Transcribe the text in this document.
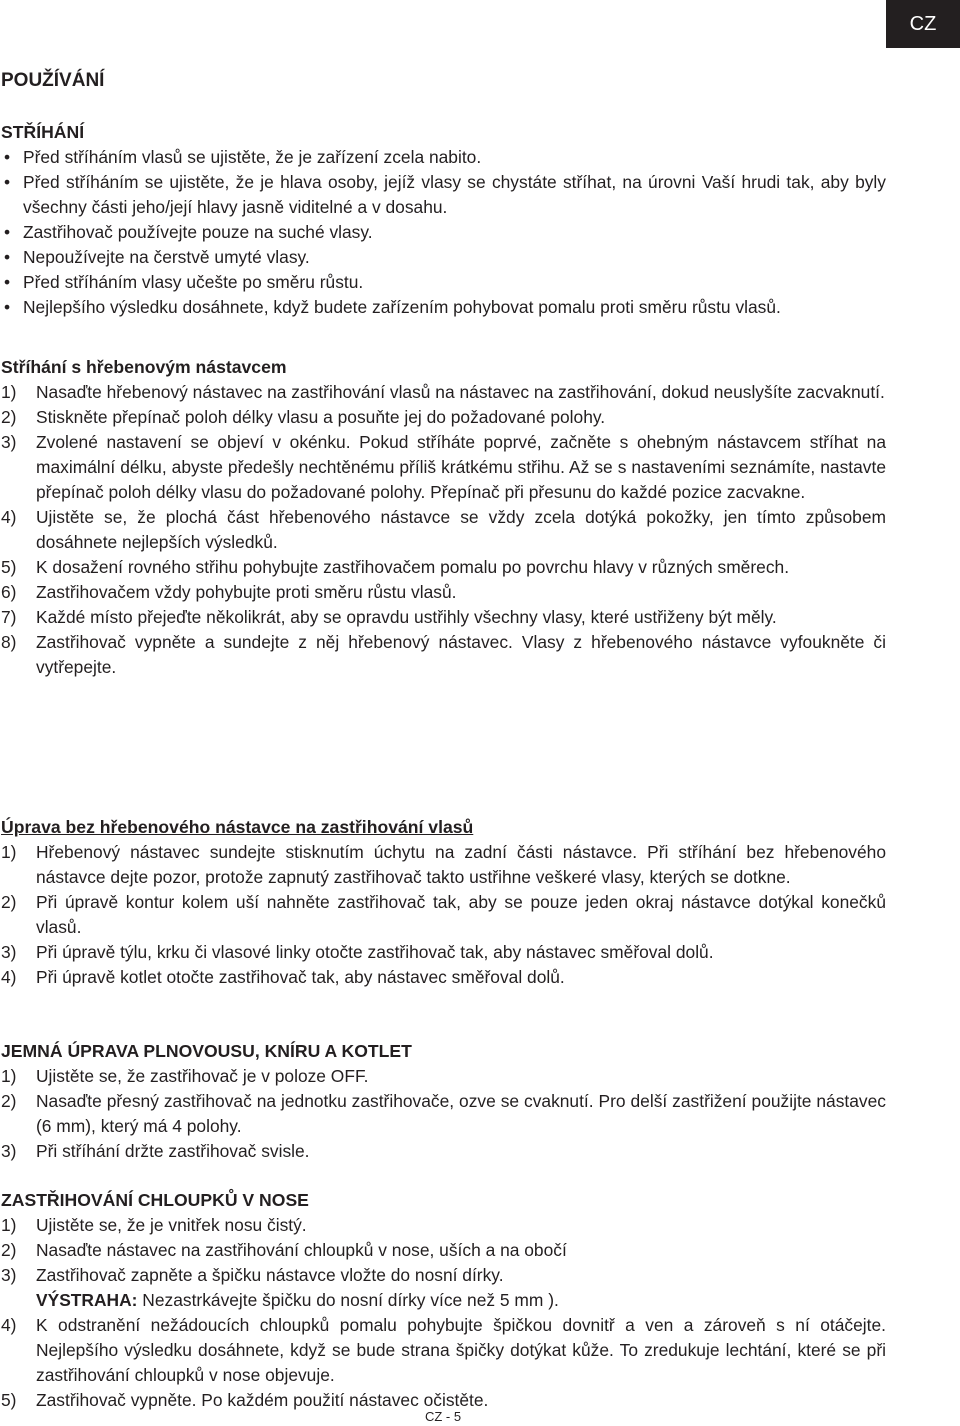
CZ
POUŽÍVÁNÍ
STŘÍHÁNÍ
• Před stříháním vlasů se ujistěte, že je zařízení zcela nabito.
• Před stříháním se ujistěte, že je hlava osoby, jejíž vlasy se chystáte stříhat, na úrovni Vaší hrudi tak, aby byly všechny části jeho/její hlavy jasně viditelné a v dosahu.
• Zastřihovač používejte pouze na suché vlasy.
• Nepoužívejte na čerstvě umyté vlasy.
• Před stříháním vlasy učešte po směru růstu.
• Nejlepšího výsledku dosáhnete, když budete zařízením pohybovat pomalu proti směru růstu vlasů.
Stříhání s hřebenovým nástavcem
1) Nasaďte hřebenový nástavec na zastřihování vlasů na nástavec na zastřihování, dokud neuslyšíte zacvaknutí.
2) Stiskněte přepínač poloh délky vlasu a posuňte jej do požadované polohy.
3) Zvolené nastavení se objeví v okénku. Pokud stříháte poprvé, začněte s ohebným nástavcem stříhat na maximální délku, abyste předešly nechtěnému příliš krátkému střihu. Až se s nastaveními seznámíte, nastavte přepínač poloh délky vlasu do požadované polohy. Přepínač při přesunu do každé pozice zacvakne.
4) Ujistěte se, že plochá část hřebenového nástavce se vždy zcela dotýká pokožky, jen tímto způsobem dosáhnete nejlepších výsledků.
5) K dosažení rovného střihu pohybujte zastřihovačem pomalu po povrchu hlavy v různých směrech.
6) Zastřihovačem vždy pohybujte proti směru růstu vlasů.
7) Každé místo přejeďte několikrát, aby se opravdu ustřihly všechny vlasy, které ustřiženy být měly.
8) Zastřihovač vypněte a sundejte z něj hřebenový nástavec. Vlasy z hřebenového nástavce vyfoukněte či vytřepejte.
Úprava bez hřebenového nástavce na zastřihování vlasů
1) Hřebenový nástavec sundejte stisknutím úchytu na zadní části nástavce. Při stříhání bez hřebenového nástavce dejte pozor, protože zapnutý zastřihovač takto ustřihne veškeré vlasy, kterých se dotkne.
2) Při úpravě kontur kolem uší nahněte zastřihovač tak, aby se pouze jeden okraj nástavce dotýkal konečků vlasů.
3) Při úpravě týlu, krku či vlasové linky otočte zastřihovač tak, aby nástavec směřoval dolů.
4) Při úpravě kotlet otočte zastřihovač tak, aby nástavec směřoval dolů.
JEMNÁ ÚPRAVA PLNOVOUSU, KNÍRU A KOTLET
1) Ujistěte se, že zastřihovač je v poloze OFF.
2) Nasaďte přesný zastřihovač na jednotku zastřihovače, ozve se cvaknutí. Pro delší zastřižení použijte nástavec (6 mm), který má 4 polohy.
3) Při stříhání držte zastřihovač svisle.
ZASTŘIHOVÁNÍ CHLOUPKŮ V NOSE
1) Ujistěte se, že je vnitřek nosu čistý.
2) Nasaďte nástavec na zastřihování chloupků v nose, uších a na obočí
3) Zastřihovač zapněte a špičku nástavce vložte do nosní dírky.
VÝSTRAHA: Nezastrkávejte špičku do nosní dírky více než 5 mm ).
4) K odstranění nežádoucích chloupků pomalu pohybujte špičkou dovnitř a ven a zároveň s ní otáčejte. Nejlepšího výsledku dosáhnete, když se bude strana špičky dotýkat kůže. To zredukuje lechtání, které se při zastřihování chloupků v nose objevuje.
5) Zastřihovač vypněte. Po každém použití nástavec očistěte.
CZ - 5
